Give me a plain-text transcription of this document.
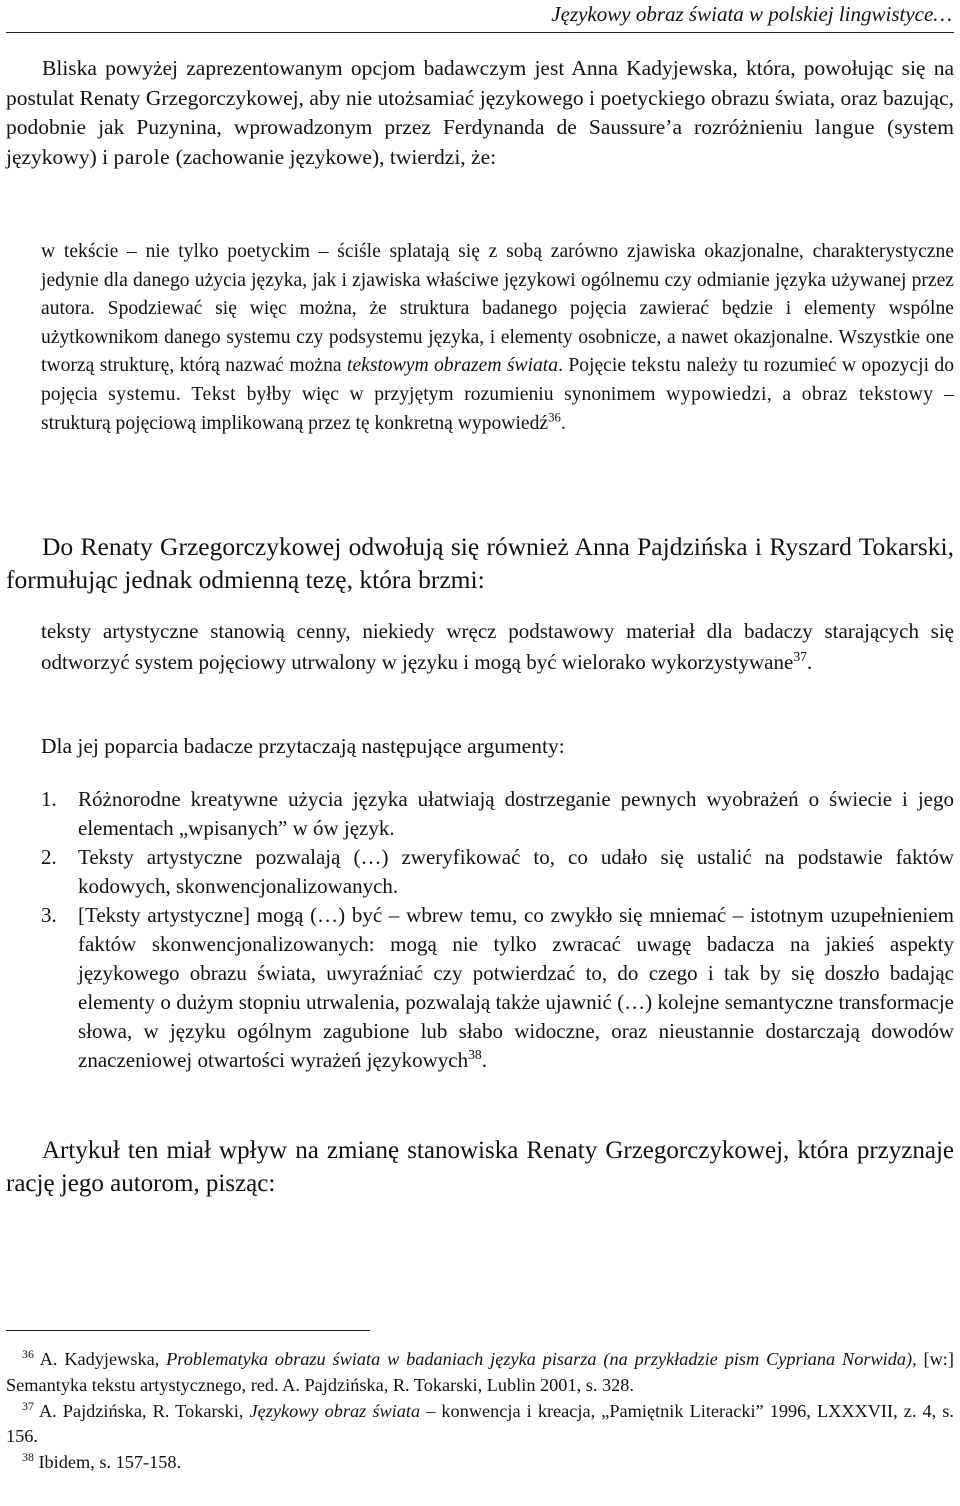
Językowy obraz świata w polskiej lingwistyce…
Bliska powyżej zaprezentowanym opcjom badawczym jest Anna Kadyjewska, która, powołując się na postulat Renaty Grzegorczykowej, aby nie utożsamiać językowego i poetyckiego obrazu świata, oraz bazując, podobnie jak Puzynina, wprowadzonym przez Ferdynanda de Saussure’a rozróżnieniu langue (system językowy) i parole (zachowanie językowe), twierdzi, że:
w tekście – nie tylko poetyckim – ściśle splatają się z sobą zarówno zjawiska okazjonalne, charakterystyczne jedynie dla danego użycia języka, jak i zjawiska właściwe językowi ogólnemu czy odmianie języka używanej przez autora. Spodziewać się więc można, że struktura badanego pojęcia zawierać będzie i elementy wspólne użytkownikom danego systemu czy podsystemu języka, i elementy osobnicze, a nawet okazjonalne. Wszystkie one tworzą strukturę, którą nazwać można tekstowym obrazem świata. Pojęcie tekstu należy tu rozumieć w opozycji do pojęcia systemu. Tekst byłby więc w przyjętym rozumieniu synonimem wypowiedzi, a obraz tekstowy – strukturą pojęciową implikowaną przez tę konkretną wypowiedź$^{36}$.
Do Renaty Grzegorczykowej odwołują się również Anna Pajdzińska i Ryszard Tokarski, formułując jednak odmienną tezę, która brzmi:
teksty artystyczne stanowią cenny, niekiedy wręcz podstawowy materiał dla badaczy starających się odtworzyć system pojęciowy utrwalony w języku i mogą być wielorako wykorzystywane$^{37}$.
Dla jej poparcia badacze przytaczają następujące argumenty:
1. Różnorodne kreatywne użycia języka ułatwiają dostrzeganie pewnych wyobrażeń o świecie i jego elementach „wpisanych” w ów język.
2. Teksty artystyczne pozwalają (…) zweryfikować to, co udało się ustalić na podstawie faktów kodowych, skonwencjonalizowanych.
3. [Teksty artystyczne] mogą (…) być – wbrew temu, co zwykło się mniemać – istotnym uzupełnieniem faktów skonwencjonalizowanych: mogą nie tylko zwracać uwagę badacza na jakieś aspekty językowego obrazu świata, uwyraźniać czy potwierdzać to, do czego i tak by się doszło badając elementy o dużym stopniu utrwalenia, pozwalają także ujawnić (…) kolejne semantyczne transformacje słowa, w języku ogólnym zagubione lub słabo widoczne, oraz nieustannie dostarczają dowodów znaczeniowej otwartości wyrażeń językowych$^{38}$.
Artykuł ten miał wpływ na zmianę stanowiska Renaty Grzegorczykowej, która przyznaje rację jego autorom, pisząc:
$^{36}$ A. Kadyjewska, Problematyka obrazu świata w badaniach języka pisarza (na przykładzie pism Cypriana Norwida), [w:] Semantyka tekstu artystycznego, red. A. Pajdzińska, R. Tokarski, Lublin 2001, s. 328.
$^{37}$ A. Pajdzińska, R. Tokarski, Językowy obraz świata – konwencja i kreacja, „Pamiętnik Literacki” 1996, LXXXVII, z. 4, s. 156.
$^{38}$ Ibidem, s. 157-158.
